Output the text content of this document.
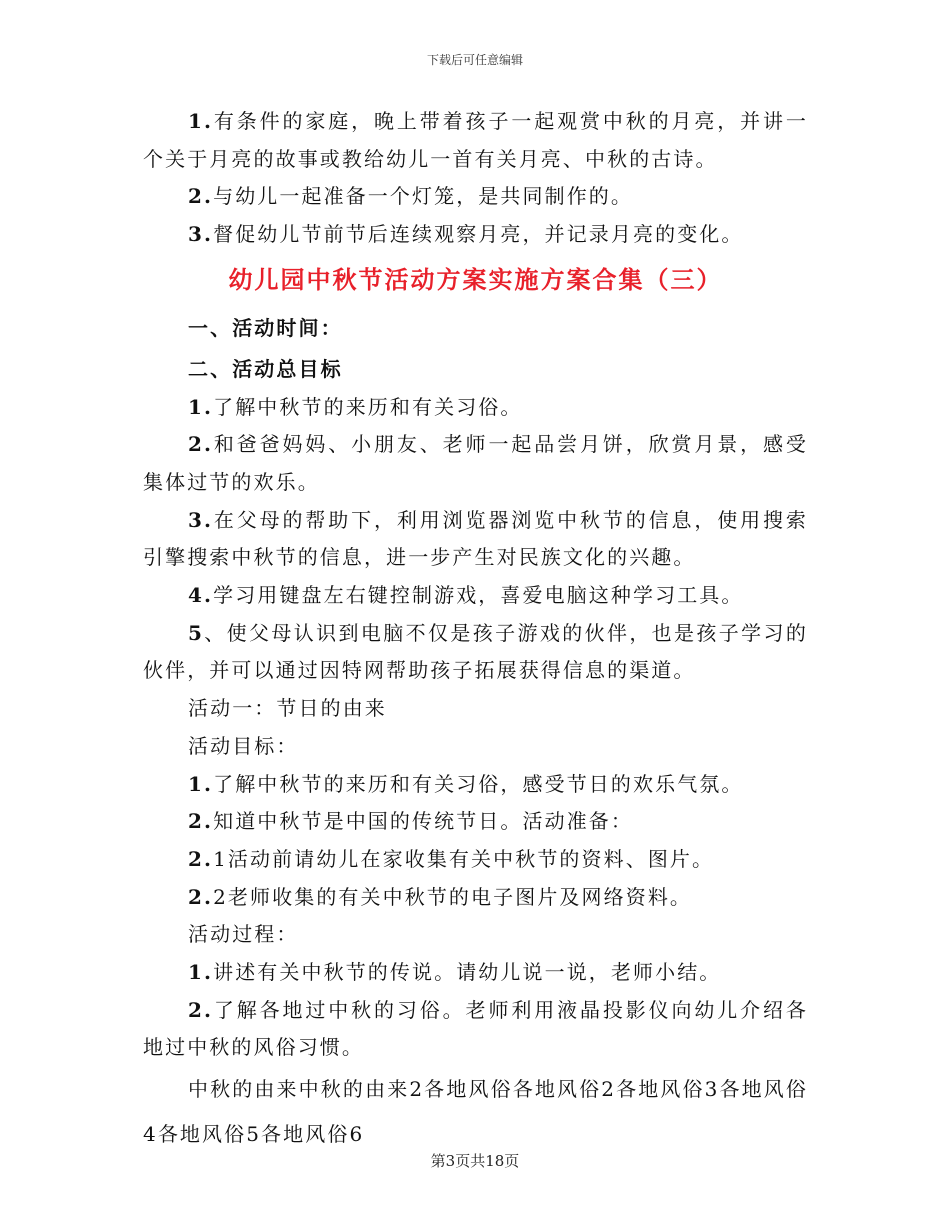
下载后可任意编辑

1.有条件的家庭，晚上带着孩子一起观赏中秋的月亮，并讲一个关于月亮的故事或教给幼儿一首有关月亮、中秋的古诗。

2.与幼儿一起准备一个灯笼，是共同制作的。

3.督促幼儿节前节后连续观察月亮，并记录月亮的变化。

幼儿园中秋节活动方案实施方案合集（三）

一、活动时间：

二、活动总目标

1.了解中秋节的来历和有关习俗。

2.和爸爸妈妈、小朋友、老师一起品尝月饼，欣赏月景，感受集体过节的欢乐。

3.在父母的帮助下，利用浏览器浏览中秋节的信息，使用搜索引擎搜索中秋节的信息，进一步产生对民族文化的兴趣。

4.学习用键盘左右键控制游戏，喜爱电脑这种学习工具。

5、使父母认识到电脑不仅是孩子游戏的伙伴，也是孩子学习的伙伴，并可以通过因特网帮助孩子拓展获得信息的渠道。

活动一：节日的由来

活动目标：

1.了解中秋节的来历和有关习俗，感受节日的欢乐气氛。

2.知道中秋节是中国的传统节日。活动准备：

2.1活动前请幼儿在家收集有关中秋节的资料、图片。

2.2老师收集的有关中秋节的电子图片及网络资料。

活动过程：

1.讲述有关中秋节的传说。请幼儿说一说，老师小结。

2.了解各地过中秋的习俗。老师利用液晶投影仪向幼儿介绍各地过中秋的风俗习惯。

中秋的由来中秋的由来2各地风俗各地风俗2各地风俗3各地风俗4各地风俗5各地风俗6

第3页共18页
